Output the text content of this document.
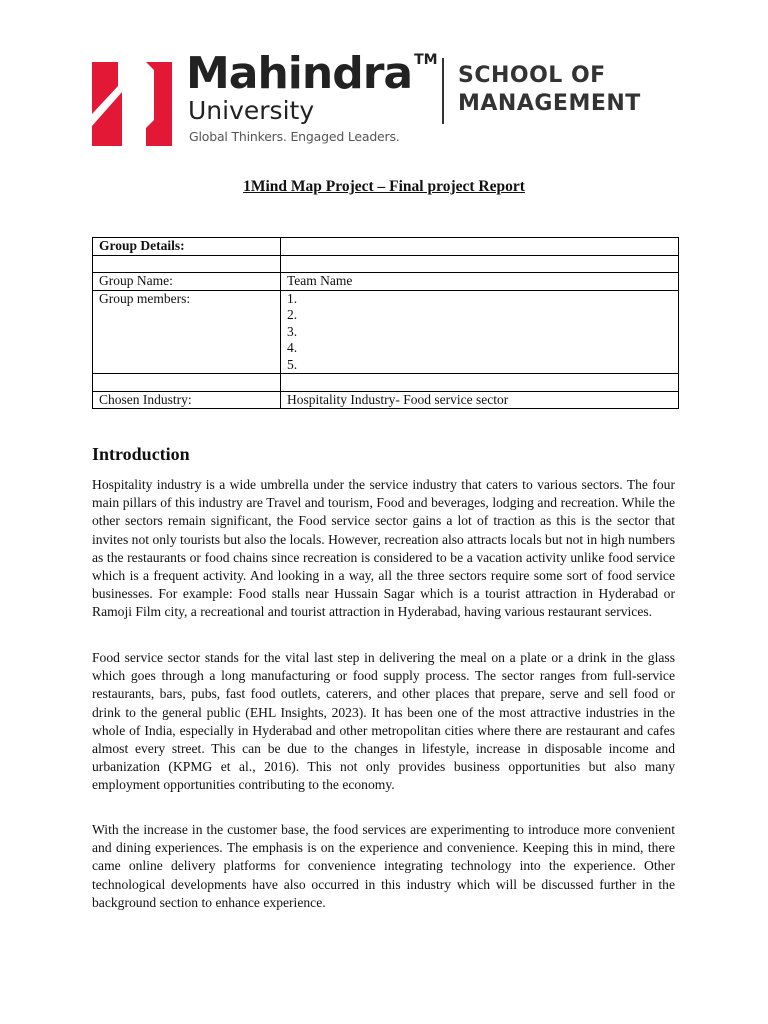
Mahindra ™
University
Global Thinkers. Engaged Leaders.
SCHOOL OF
MANAGEMENT
1Mind Map Project – Final project Report
Group Details:	

Group Name:	Team Name
Group members:	1.
2.
3.
4.
5.

Chosen Industry:	Hospitality Industry- Food service sector
Introduction

Hospitality industry is a wide umbrella under the service industry that caters to various sectors. The four main pillars of this industry are Travel and tourism, Food and beverages, lodging and recreation. While the other sectors remain significant, the Food service sector gains a lot of traction as this is the sector that invites not only tourists but also the locals. However, recreation also attracts locals but not in high numbers as the restaurants or food chains since recreation is considered to be a vacation activity unlike food service which is a frequent activity. And looking in a way, all the three sectors require some sort of food service businesses. For example: Food stalls near Hussain Sagar which is a tourist attraction in Hyderabad or Ramoji Film city, a recreational and tourist attraction in Hyderabad, having various restaurant services.

Food service sector stands for the vital last step in delivering the meal on a plate or a drink in the glass which goes through a long manufacturing or food supply process. The sector ranges from full-service restaurants, bars, pubs, fast food outlets, caterers, and other places that prepare, serve and sell food or drink to the general public (EHL Insights, 2023). It has been one of the most attractive industries in the whole of India, especially in Hyderabad and other metropolitan cities where there are restaurant and cafes almost every street. This can be due to the changes in lifestyle, increase in disposable income and urbanization (KPMG et al., 2016). This not only provides business opportunities but also many employment opportunities contributing to the economy.

With the increase in the customer base, the food services are experimenting to introduce more convenient and dining experiences. The emphasis is on the experience and convenience. Keeping this in mind, there came online delivery platforms for convenience integrating technology into the experience. Other technological developments have also occurred in this industry which will be discussed further in the background section to enhance experience.
